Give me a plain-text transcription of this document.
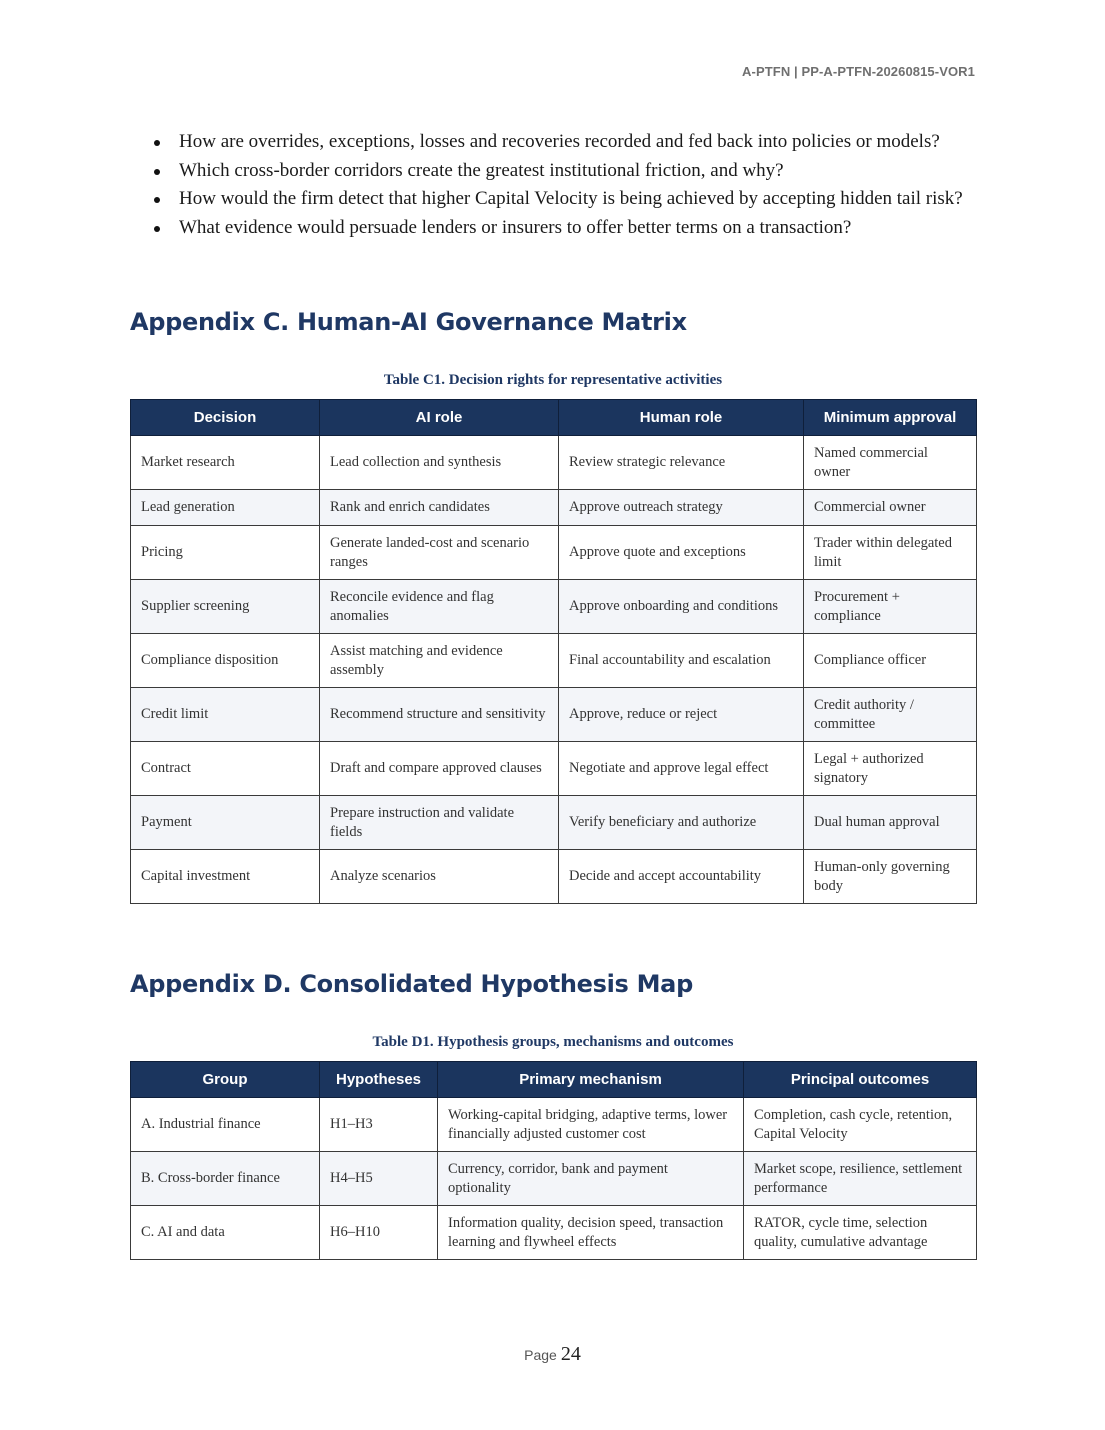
A-PTFN | PP-A-PTFN-20260815-VOR1
How are overrides, exceptions, losses and recoveries recorded and fed back into policies or models?
Which cross-border corridors create the greatest institutional friction, and why?
How would the firm detect that higher Capital Velocity is being achieved by accepting hidden tail risk?
What evidence would persuade lenders or insurers to offer better terms on a transaction?
Appendix C. Human-AI Governance Matrix

Table C1. Decision rights for representative activities

Decision	AI role	Human role	Minimum approval
Market research	Lead collection and synthesis	Review strategic relevance	Named commercial owner
Lead generation	Rank and enrich candidates	Approve outreach strategy	Commercial owner
Pricing	Generate landed-cost and scenario ranges	Approve quote and exceptions	Trader within delegated limit
Supplier screening	Reconcile evidence and flag anomalies	Approve onboarding and conditions	Procurement + compliance
Compliance disposition	Assist matching and evidence assembly	Final accountability and escalation	Compliance officer
Credit limit	Recommend structure and sensitivity	Approve, reduce or reject	Credit authority / committee
Contract	Draft and compare approved clauses	Negotiate and approve legal effect	Legal + authorized signatory
Payment	Prepare instruction and validate fields	Verify beneficiary and authorize	Dual human approval
Capital investment	Analyze scenarios	Decide and accept accountability	Human-only governing body
Appendix D. Consolidated Hypothesis Map

Table D1. Hypothesis groups, mechanisms and outcomes

Group	Hypotheses	Primary mechanism	Principal outcomes
A. Industrial finance	H1–H3	Working-capital bridging, adaptive terms, lower financially adjusted customer cost	Completion, cash cycle, retention, Capital Velocity
B. Cross-border finance	H4–H5	Currency, corridor, bank and payment optionality	Market scope, resilience, settlement performance
C. AI and data	H6–H10	Information quality, decision speed, transaction learning and flywheel effects	RATOR, cycle time, selection quality, cumulative advantage
Page 24
